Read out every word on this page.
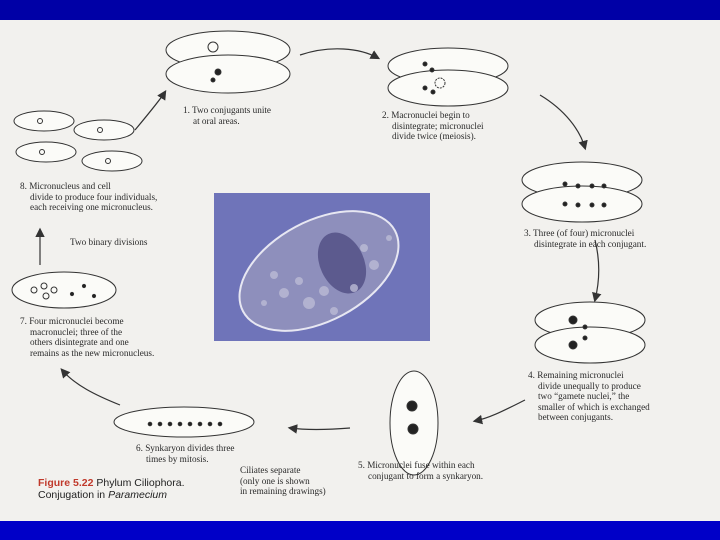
1. Two conjugants unite
at oral areas.

2. Macronuclei begin to
disintegrate; micronuclei
divide twice (meiosis).

3. Three (of four) micronuclei
disintegrate in each conjugant.

4. Remaining micronuclei
divide unequally to produce
two “gamete nuclei,” the
smaller of which is exchanged
between conjugants.

5. Micronuclei fuse within each
conjugant to form a synkaryon.

6. Synkaryon divides three
times by mitosis.

7. Four micronuclei become
macronuclei; three of the
others disintegrate and one
remains as the new micronucleus.

8. Micronucleus and cell
divide to produce four individuals,
each receiving one micronucleus.

Two binary divisions

Ciliates separate
(only one is shown
in remaining drawings)

Figure 5.22 Phylum Ciliophora.
Conjugation in Paramecium
